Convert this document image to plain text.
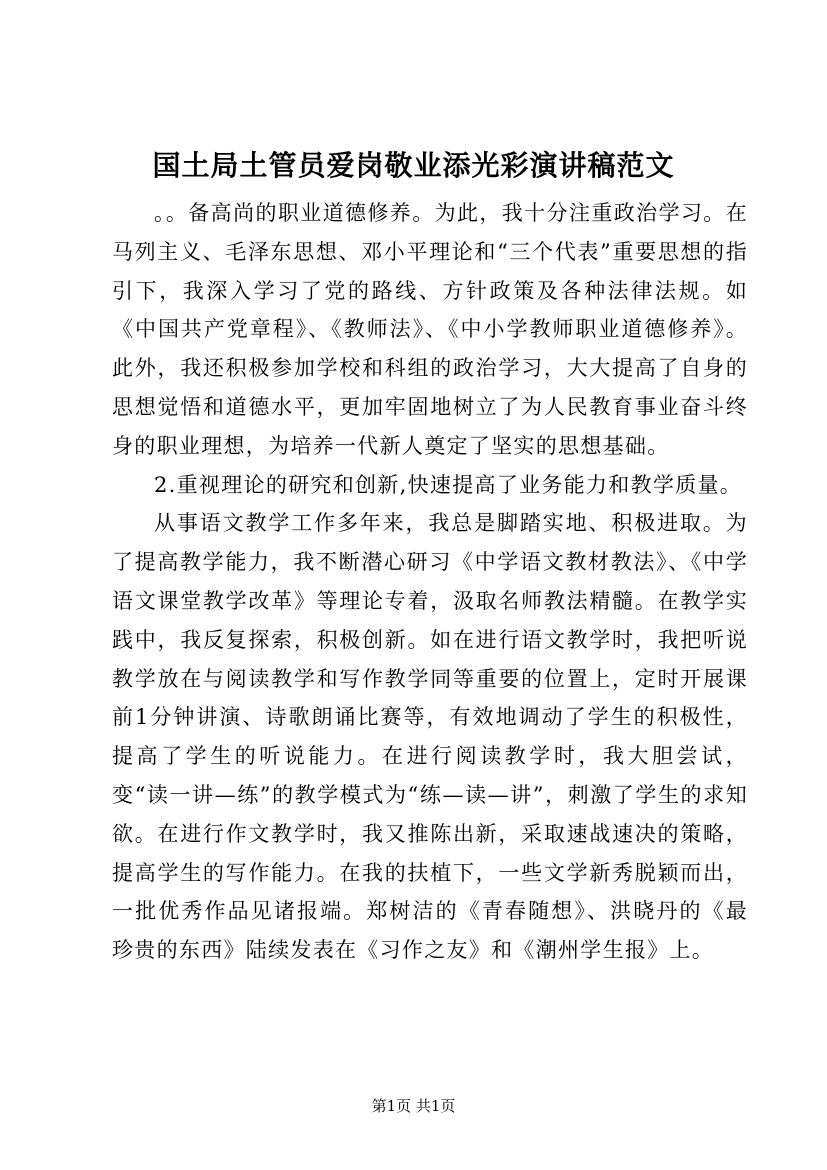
国土局土管员爱岗敬业添光彩演讲稿范文

。。备高尚的职业道德修养。为此，我十分注重政治学习。在马列主义、毛泽东思想、邓小平理论和“三个代表”重要思想的指引下，我深入学习了党的路线、方针政策及各种法律法规。如《中国共产党章程》、《教师法》、《中小学教师职业道德修养》。此外，我还积极参加学校和科组的政治学习，大大提高了自身的思想觉悟和道德水平，更加牢固地树立了为人民教育事业奋斗终身的职业理想，为培养一代新人奠定了坚实的思想基础。

2.重视理论的研究和创新,快速提高了业务能力和教学质量。

从事语文教学工作多年来，我总是脚踏实地、积极进取。为了提高教学能力，我不断潜心研习《中学语文教材教法》、《中学语文课堂教学改革》等理论专着，汲取名师教法精髓。在教学实践中，我反复探索，积极创新。如在进行语文教学时，我把听说教学放在与阅读教学和写作教学同等重要的位置上，定时开展课前1分钟讲演、诗歌朗诵比赛等，有效地调动了学生的积极性，提高了学生的听说能力。在进行阅读教学时，我大胆尝试，变“读一讲—练”的教学模式为“练—读—讲”，刺激了学生的求知欲。在进行作文教学时，我又推陈出新，采取速战速决的策略，提高学生的写作能力。在我的扶植下，一些文学新秀脱颖而出，一批优秀作品见诸报端。郑树洁的《青春随想》、洪晓丹的《最珍贵的东西》陆续发表在《习作之友》和《潮州学生报》上。

第1页 共1页
